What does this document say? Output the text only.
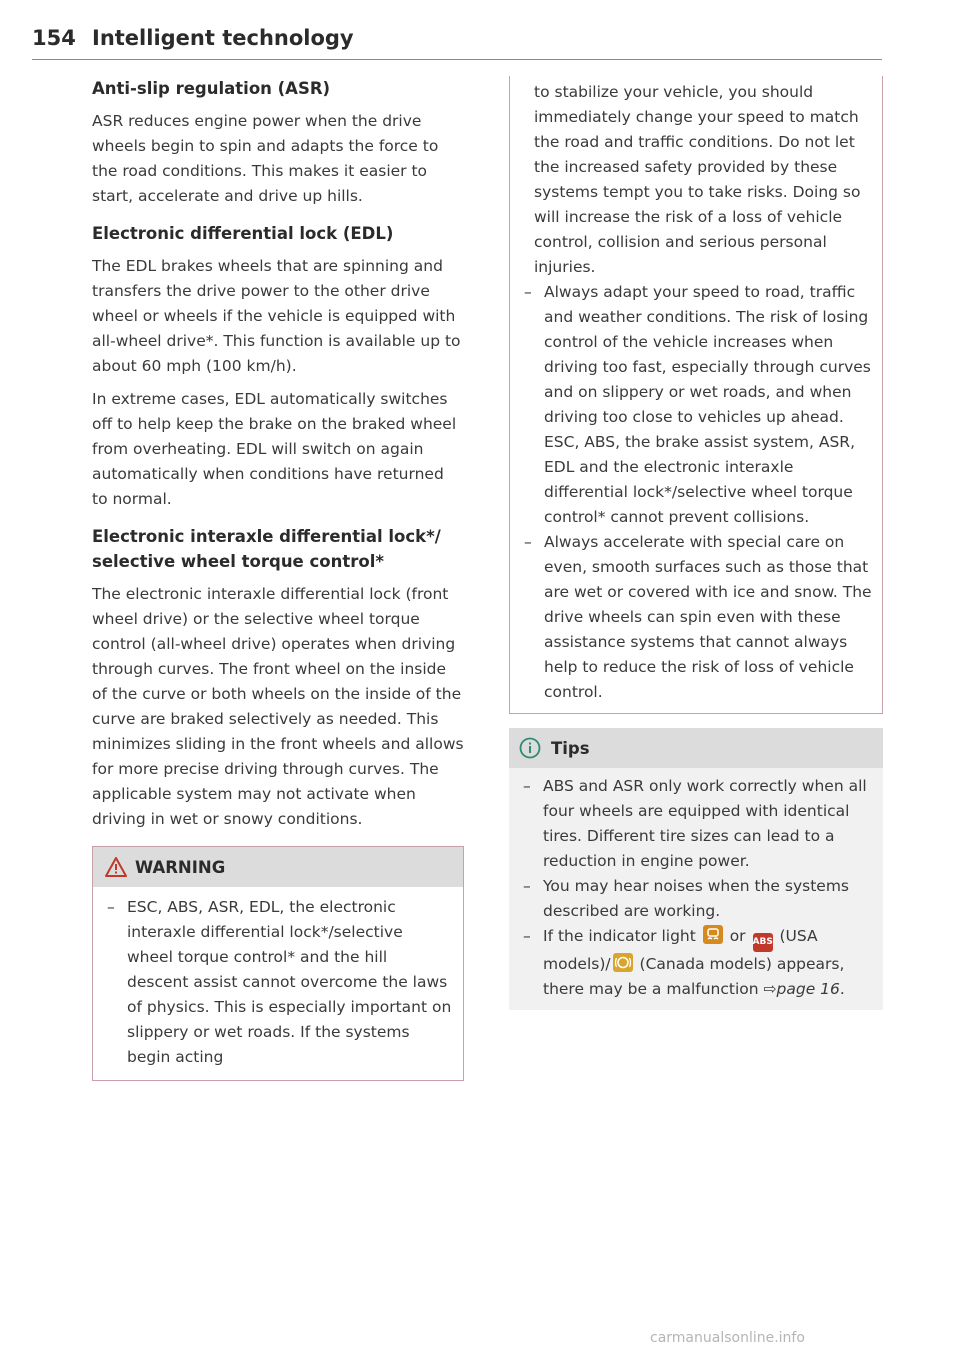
154 Intelligent technology
Anti-slip regulation (ASR)
ASR reduces engine power when the drive wheels begin to spin and adapts the force to the road conditions. This makes it easier to start, accelerate and drive up hills.
Electronic differential lock (EDL)
The EDL brakes wheels that are spinning and transfers the drive power to the other drive wheel or wheels if the vehicle is equipped with all-wheel drive*. This function is available up to about 60 mph (100 km/h).
In extreme cases, EDL automatically switches off to help keep the brake on the braked wheel from overheating. EDL will switch on again automatically when conditions have returned to normal.
Electronic interaxle differential lock*/ selective wheel torque control*
The electronic interaxle differential lock (front wheel drive) or the selective wheel torque control (all-wheel drive) operates when driving through curves. The front wheel on the inside of the curve or both wheels on the inside of the curve are braked selectively as needed. This minimizes sliding in the front wheels and allows for more precise driving through curves. The applicable system may not activate when driving in wet or snowy conditions.
WARNING
– ESC, ABS, ASR, EDL, the electronic interaxle differential lock*/selective wheel torque control* and the hill descent assist cannot overcome the laws of physics. This is especially important on slippery or wet roads. If the systems begin acting
to stabilize your vehicle, you should immediately change your speed to match the road and traffic conditions. Do not let the increased safety provided by these systems tempt you to take risks. Doing so will increase the risk of a loss of vehicle control, collision and serious personal injuries.
– Always adapt your speed to road, traffic and weather conditions. The risk of losing control of the vehicle increases when driving too fast, especially through curves and on slippery or wet roads, and when driving too close to vehicles up ahead. ESC, ABS, the brake assist system, ASR, EDL and the electronic interaxle differential lock*/selective wheel torque control* cannot prevent collisions.
– Always accelerate with special care on even, smooth surfaces such as those that are wet or covered with ice and snow. The drive wheels can spin even with these assistance systems that cannot always help to reduce the risk of loss of vehicle control.
Tips
– ABS and ASR only work correctly when all four wheels are equipped with identical tires. Different tire sizes can lead to a reduction in engine power.
– You may hear noises when the systems described are working.
– If the indicator light or ABS (USA models)/ (Canada models) appears, there may be a malfunction ⇨page 16.
carmanualsonline.info
